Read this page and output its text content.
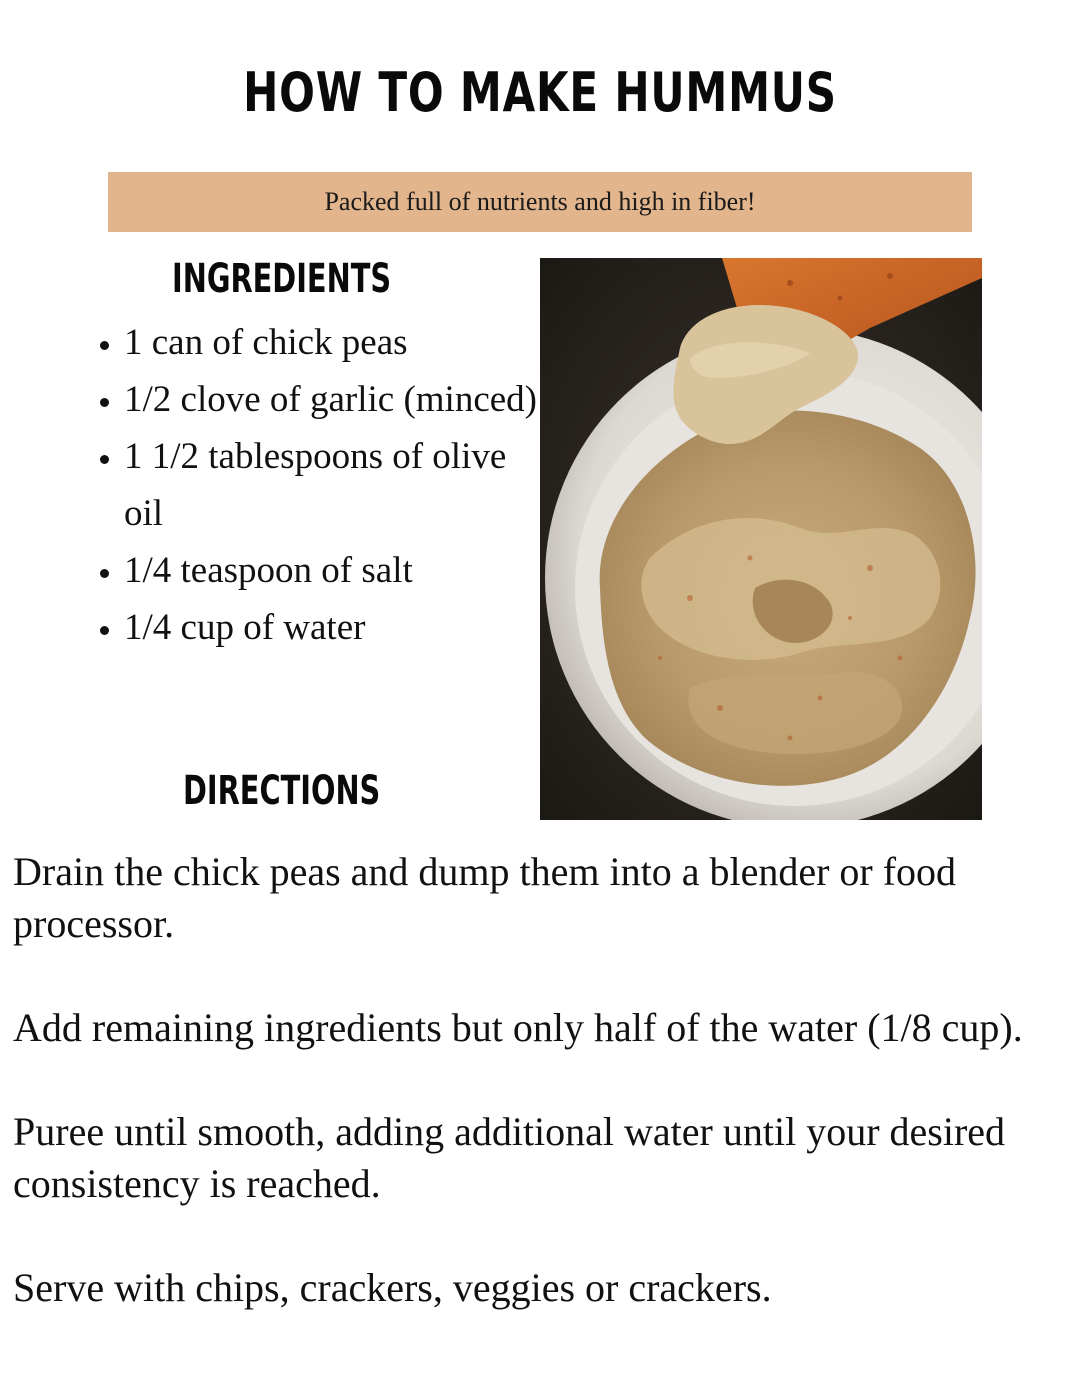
HOW TO MAKE HUMMUS
Packed full of nutrients and high in fiber!
INGREDIENTS
• 1 can of chick peas
• 1/2 clove of garlic (minced)
• 1 1/2 tablespoons of olive oil
• 1/4 teaspoon of salt
• 1/4 cup of water
DIRECTIONS

Drain the chick peas and dump them into a blender or food processor.

Add remaining ingredients but only half of the water (1/8 cup).

Puree until smooth, adding additional water until your desired consistency is reached.

Serve with chips, crackers, veggies or crackers.
